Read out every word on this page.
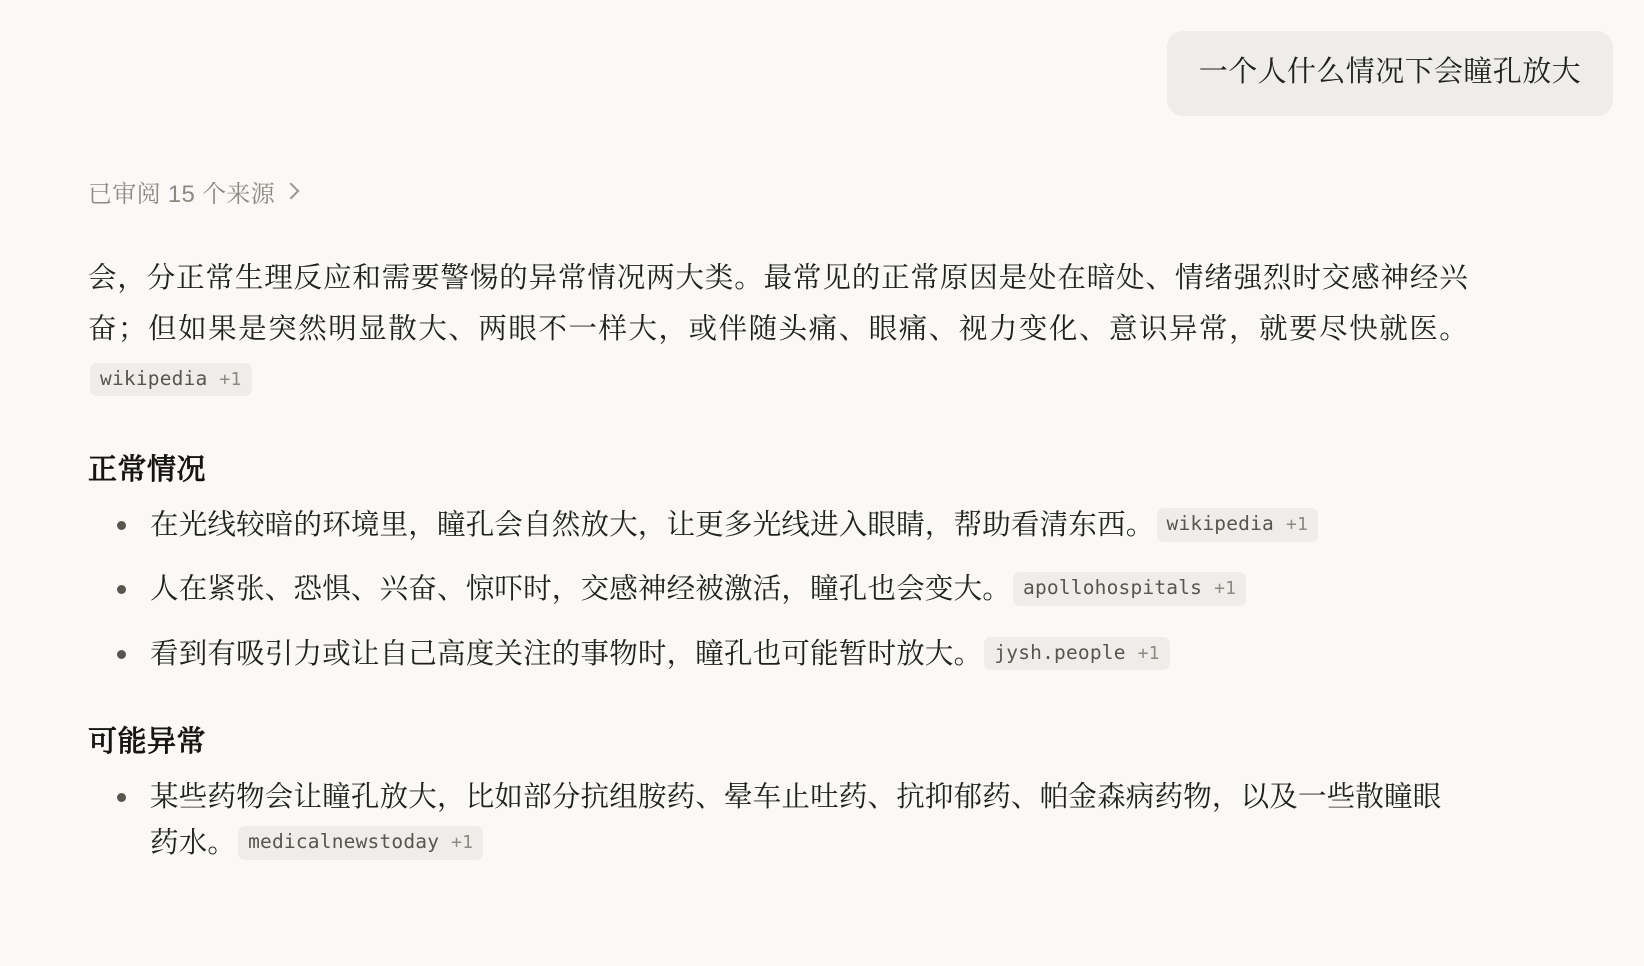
一个人什么情况下会瞳孔放大
已审阅 15 个来源

会，分正常生理反应和需要警惕的异常情况两大类。最常见的正常原因是处在暗处、情绪强烈时交感神经兴奋；但如果是突然明显散大、两眼不一样大，或伴随头痛、眼痛、视力变化、意识异常，就要尽快就医。wikipedia +1

正常情况
在光线较暗的环境里，瞳孔会自然放大，让更多光线进入眼睛，帮助看清东西。 wikipedia +1
人在紧张、恐惧、兴奋、惊吓时，交感神经被激活，瞳孔也会变大。 apollohospitals +1
看到有吸引力或让自己高度关注的事物时，瞳孔也可能暂时放大。 jysh.people +1
可能异常
某些药物会让瞳孔放大，比如部分抗组胺药、晕车止吐药、抗抑郁药、帕金森病药物，以及一些散瞳眼药水。 medicalnewstoday +1
